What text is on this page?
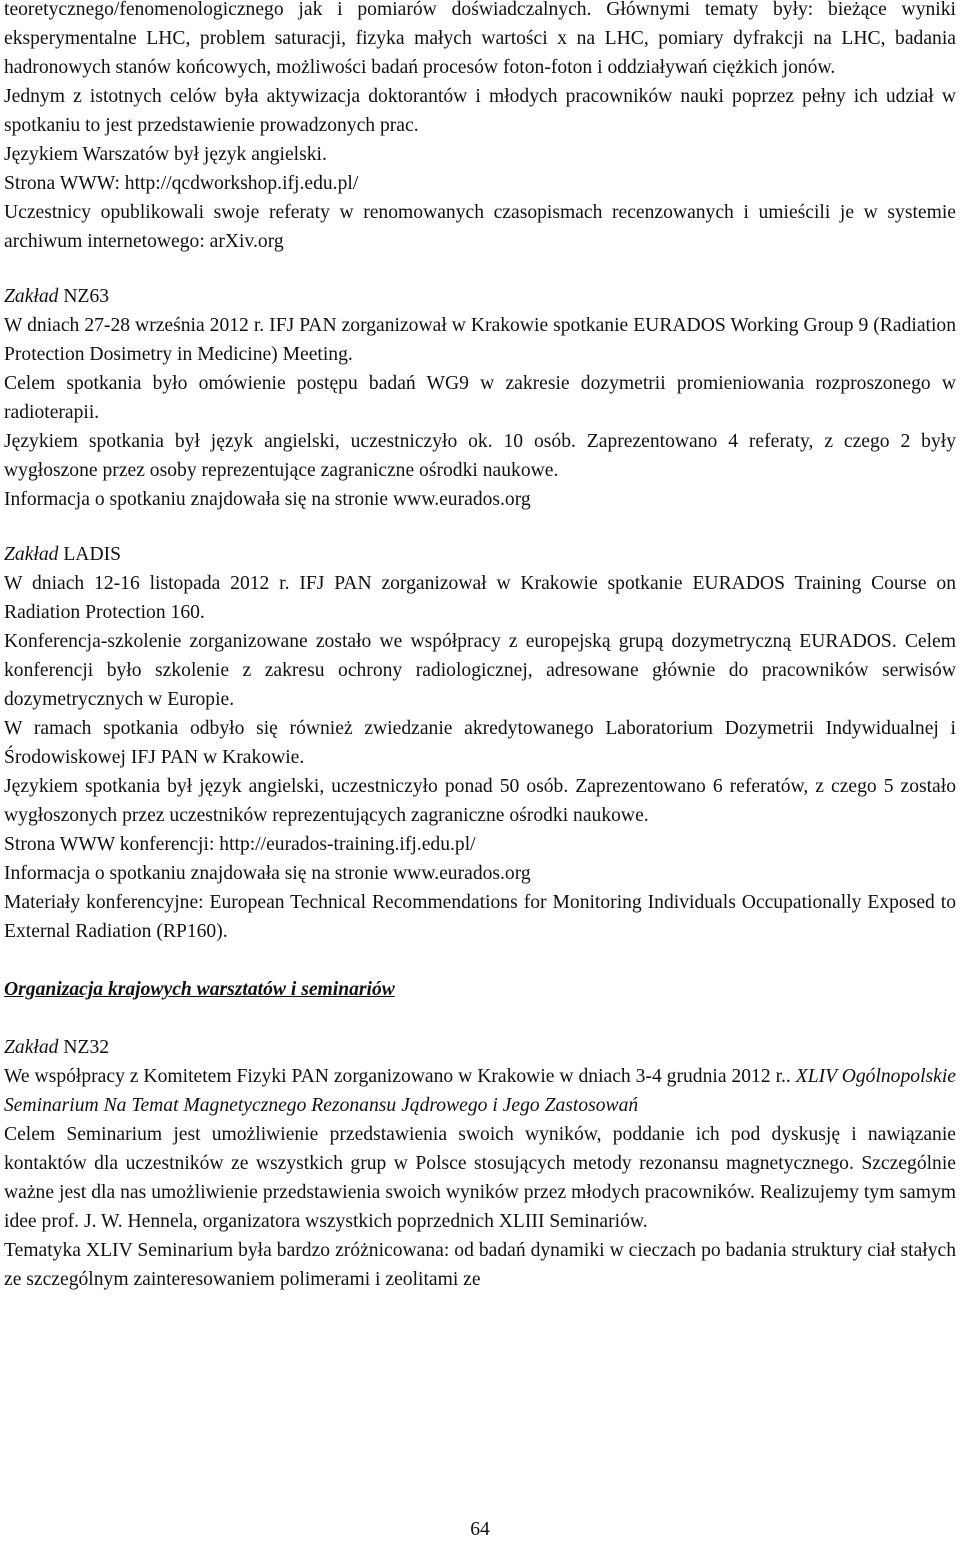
teoretycznego/fenomenologicznego jak i pomiarów doświadczalnych. Głównymi tematy były: bieżące wyniki eksperymentalne LHC, problem saturacji, fizyka małych wartości x na LHC, pomiary dyfrakcji na LHC, badania hadronowych stanów końcowych, możliwości badań procesów foton-foton i oddziaływań ciężkich jonów.

Jednym z istotnych celów była aktywizacja doktorantów i młodych pracowników nauki poprzez pełny ich udział w spotkaniu to jest przedstawienie prowadzonych prac.

Językiem Warszatów był język angielski.

Strona WWW: http://qcdworkshop.ifj.edu.pl/

Uczestnicy opublikowali swoje referaty w renomowanych czasopismach recenzowanych i umieścili je w systemie archiwum internetowego: arXiv.org

Zakład NZ63

W dniach 27-28 września 2012 r. IFJ PAN zorganizował w Krakowie spotkanie EURADOS Working Group 9 (Radiation Protection Dosimetry in Medicine) Meeting.

Celem spotkania było omówienie postępu badań WG9 w zakresie dozymetrii promieniowania rozproszonego w radioterapii.

Językiem spotkania był język angielski, uczestniczyło ok. 10 osób. Zaprezentowano 4 referaty, z czego 2 były wygłoszone przez osoby reprezentujące zagraniczne ośrodki naukowe.

Informacja o spotkaniu znajdowała się na stronie www.eurados.org

Zakład LADIS

W dniach 12-16 listopada 2012 r. IFJ PAN zorganizował w Krakowie spotkanie EURADOS Training Course on Radiation Protection 160.

Konferencja-szkolenie zorganizowane zostało we współpracy z europejską grupą dozymetryczną EURADOS. Celem konferencji było szkolenie z zakresu ochrony radiologicznej, adresowane głównie do pracowników serwisów dozymetrycznych w Europie.

W ramach spotkania odbyło się również zwiedzanie akredytowanego Laboratorium Dozymetrii Indywidualnej i Środowiskowej IFJ PAN w Krakowie.

Językiem spotkania był język angielski, uczestniczyło ponad 50 osób. Zaprezentowano 6 referatów, z czego 5 zostało wygłoszonych przez uczestników reprezentujących zagraniczne ośrodki naukowe.

Strona WWW konferencji: http://eurados-training.ifj.edu.pl/

Informacja o spotkaniu znajdowała się na stronie www.eurados.org

Materiały konferencyjne: European Technical Recommendations for Monitoring Individuals Occupationally Exposed to External Radiation (RP160).

Organizacja krajowych warsztatów i seminariów

Zakład NZ32

We współpracy z Komitetem Fizyki PAN zorganizowano w Krakowie w dniach 3-4 grudnia 2012 r.. XLIV Ogólnopolskie Seminarium Na Temat Magnetycznego Rezonansu Jądrowego i Jego Zastosowań

Celem Seminarium jest umożliwienie przedstawienia swoich wyników, poddanie ich pod dyskusję i nawiązanie kontaktów dla uczestników ze wszystkich grup w Polsce stosujących metody rezonansu magnetycznego. Szczególnie ważne jest dla nas umożliwienie przedstawienia swoich wyników przez młodych pracowników. Realizujemy tym samym idee prof. J. W. Hennela, organizatora wszystkich poprzednich XLIII Seminariów.

Tematyka XLIV Seminarium była bardzo zróżnicowana: od badań dynamiki w cieczach po badania struktury ciał stałych ze szczególnym zainteresowaniem polimerami i zeolitami ze

64
